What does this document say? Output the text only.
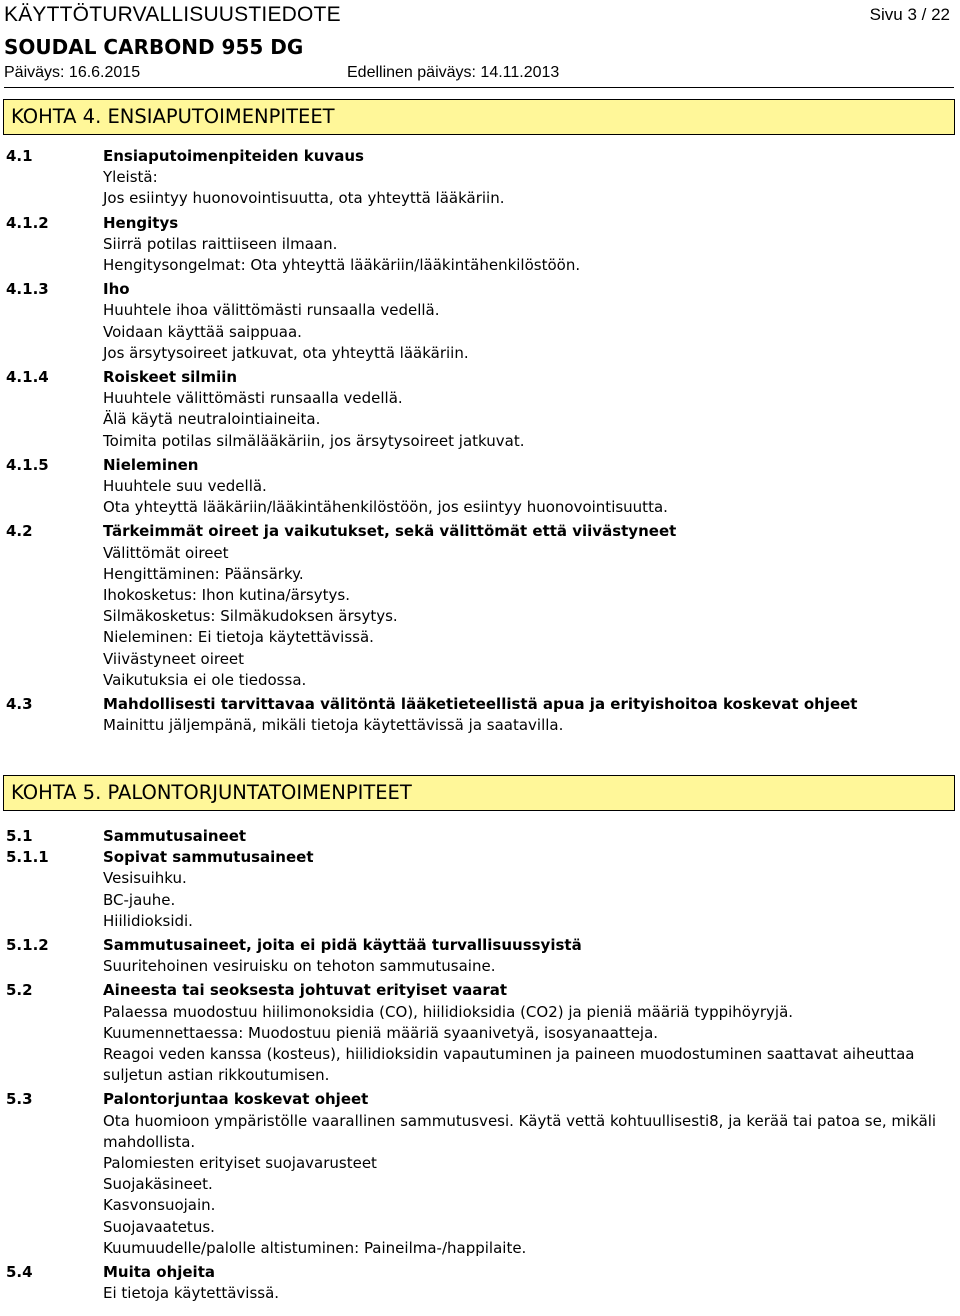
KÄYTTÖTURVALLISUUSTIEDOTE	Sivu 3 / 22
SOUDAL CARBOND 955 DG
Päiväys: 16.6.2015	Edellinen päiväys: 14.11.2013
KOHTA 4. ENSIAPUTOIMENPITEET
4.1	Ensiaputoimenpiteiden kuvaus
Yleistä:
Jos esiintyy huonovointisuutta, ota yhteyttä lääkäriin.
4.1.2	Hengitys
Siirrä potilas raittiiseen ilmaan.
Hengitysongelmat: Ota yhteyttä lääkäriin/lääkintähenkilöstöön.
4.1.3	Iho
Huuhtele ihoa välittömästi runsaalla vedellä.
Voidaan käyttää saippuaa.
Jos ärsytysoireet jatkuvat, ota yhteyttä lääkäriin.
4.1.4	Roiskeet silmiin
Huuhtele välittömästi runsaalla vedellä.
Älä käytä neutralointiaineita.
Toimita potilas silmälääkäriin, jos ärsytysoireet jatkuvat.
4.1.5	Nieleminen
Huuhtele suu vedellä.
Ota yhteyttä lääkäriin/lääkintähenkilöstöön, jos esiintyy huonovointisuutta.
4.2	Tärkeimmät oireet ja vaikutukset, sekä välittömät että viivästyneet
Välittömät oireet
Hengittäminen: Päänsärky.
Ihokosketus: Ihon kutina/ärsytys.
Silmäkosketus: Silmäkudoksen ärsytys.
Nieleminen: Ei tietoja käytettävissä.
Viivästyneet oireet
Vaikutuksia ei ole tiedossa.
4.3	Mahdollisesti tarvittavaa välitöntä lääketieteellistä apua ja erityishoitoa koskevat ohjeet
Mainittu jäljempänä, mikäli tietoja käytettävissä ja saatavilla.
KOHTA 5. PALONTORJUNTATOIMENPITEET
5.1	Sammutusaineet
5.1.1	Sopivat sammutusaineet
Vesisuihku.
BC-jauhe.
Hiilidioksidi.
5.1.2	Sammutusaineet, joita ei pidä käyttää turvallisuussyistä
Suuritehoinen vesiruisku on tehoton sammutusaine.
5.2	Aineesta tai seoksesta johtuvat erityiset vaarat
Palaessa muodostuu hiilimonoksidia (CO), hiilidioksidia (CO2) ja pieniä määriä typpihöyryjä.
Kuumennettaessa: Muodostuu pieniä määriä syaanivetyä, isosyanaatteja.
Reagoi veden kanssa (kosteus), hiilidioksidin vapautuminen ja paineen muodostuminen saattavat aiheuttaa
suljetun astian rikkoutumisen.
5.3	Palontorjuntaa koskevat ohjeet
Ota huomioon ympäristölle vaarallinen sammutusvesi. Käytä vettä kohtuullisesti8, ja kerää tai patoa se, mikäli
mahdollista.
Palomiesten erityiset suojavarusteet
Suojakäsineet.
Kasvonsuojain.
Suojavaatetus.
Kuumuudelle/palolle altistuminen: Paineilma-/happilaite.
5.4	Muita ohjeita
Ei tietoja käytettävissä.
